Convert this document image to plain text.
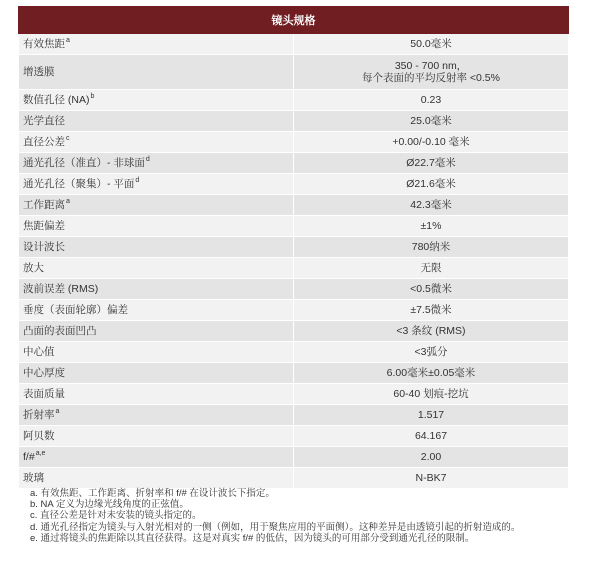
镜头规格	
有效焦距$^a$	50.0毫米
增透膜	350 - 700 nm，
每个表面的平均反射率 <0.5%
数值孔径 (NA)$^b$	0.23
光学直径	25.0毫米
直径公差$^c$	+0.00/-0.10 毫米
通光孔径（准直）- 非球面$^d$	Ø22.7毫米
通光孔径（聚集）- 平面$^d$	Ø21.6毫米
工作距离$^a$	42.3毫米
焦距偏差	±1%
设计波长	780纳米
放大	无限
波前误差 (RMS)	<0.5微米
垂度（表面轮廓）偏差	±7.5微米
凸面的表面凹凸	<3 条纹 (RMS)
中心值	<3弧分
中心厚度	6.00毫米±0.05毫米
表面质量	60-40 划痕-挖坑
折射率$^a$	1.517
阿贝数	64.167
f/#$^{a,e}$	2.00
玻璃	N-BK7

a. 有效焦距、工作距离、折射率和 f/# 在设计波长下指定。

b. NA 定义为边缘光线角度的正弦值。

c. 直径公差是针对未安装的镜头指定的。

d. 通光孔径指定为镜头与入射光相对的一侧（例如，用于聚焦应用的平面侧）。这种差异是由透镜引起的折射造成的。

e. 通过将镜头的焦距除以其直径获得。这是对真实 f/# 的低估，因为镜头的可用部分受到通光孔径的限制。
